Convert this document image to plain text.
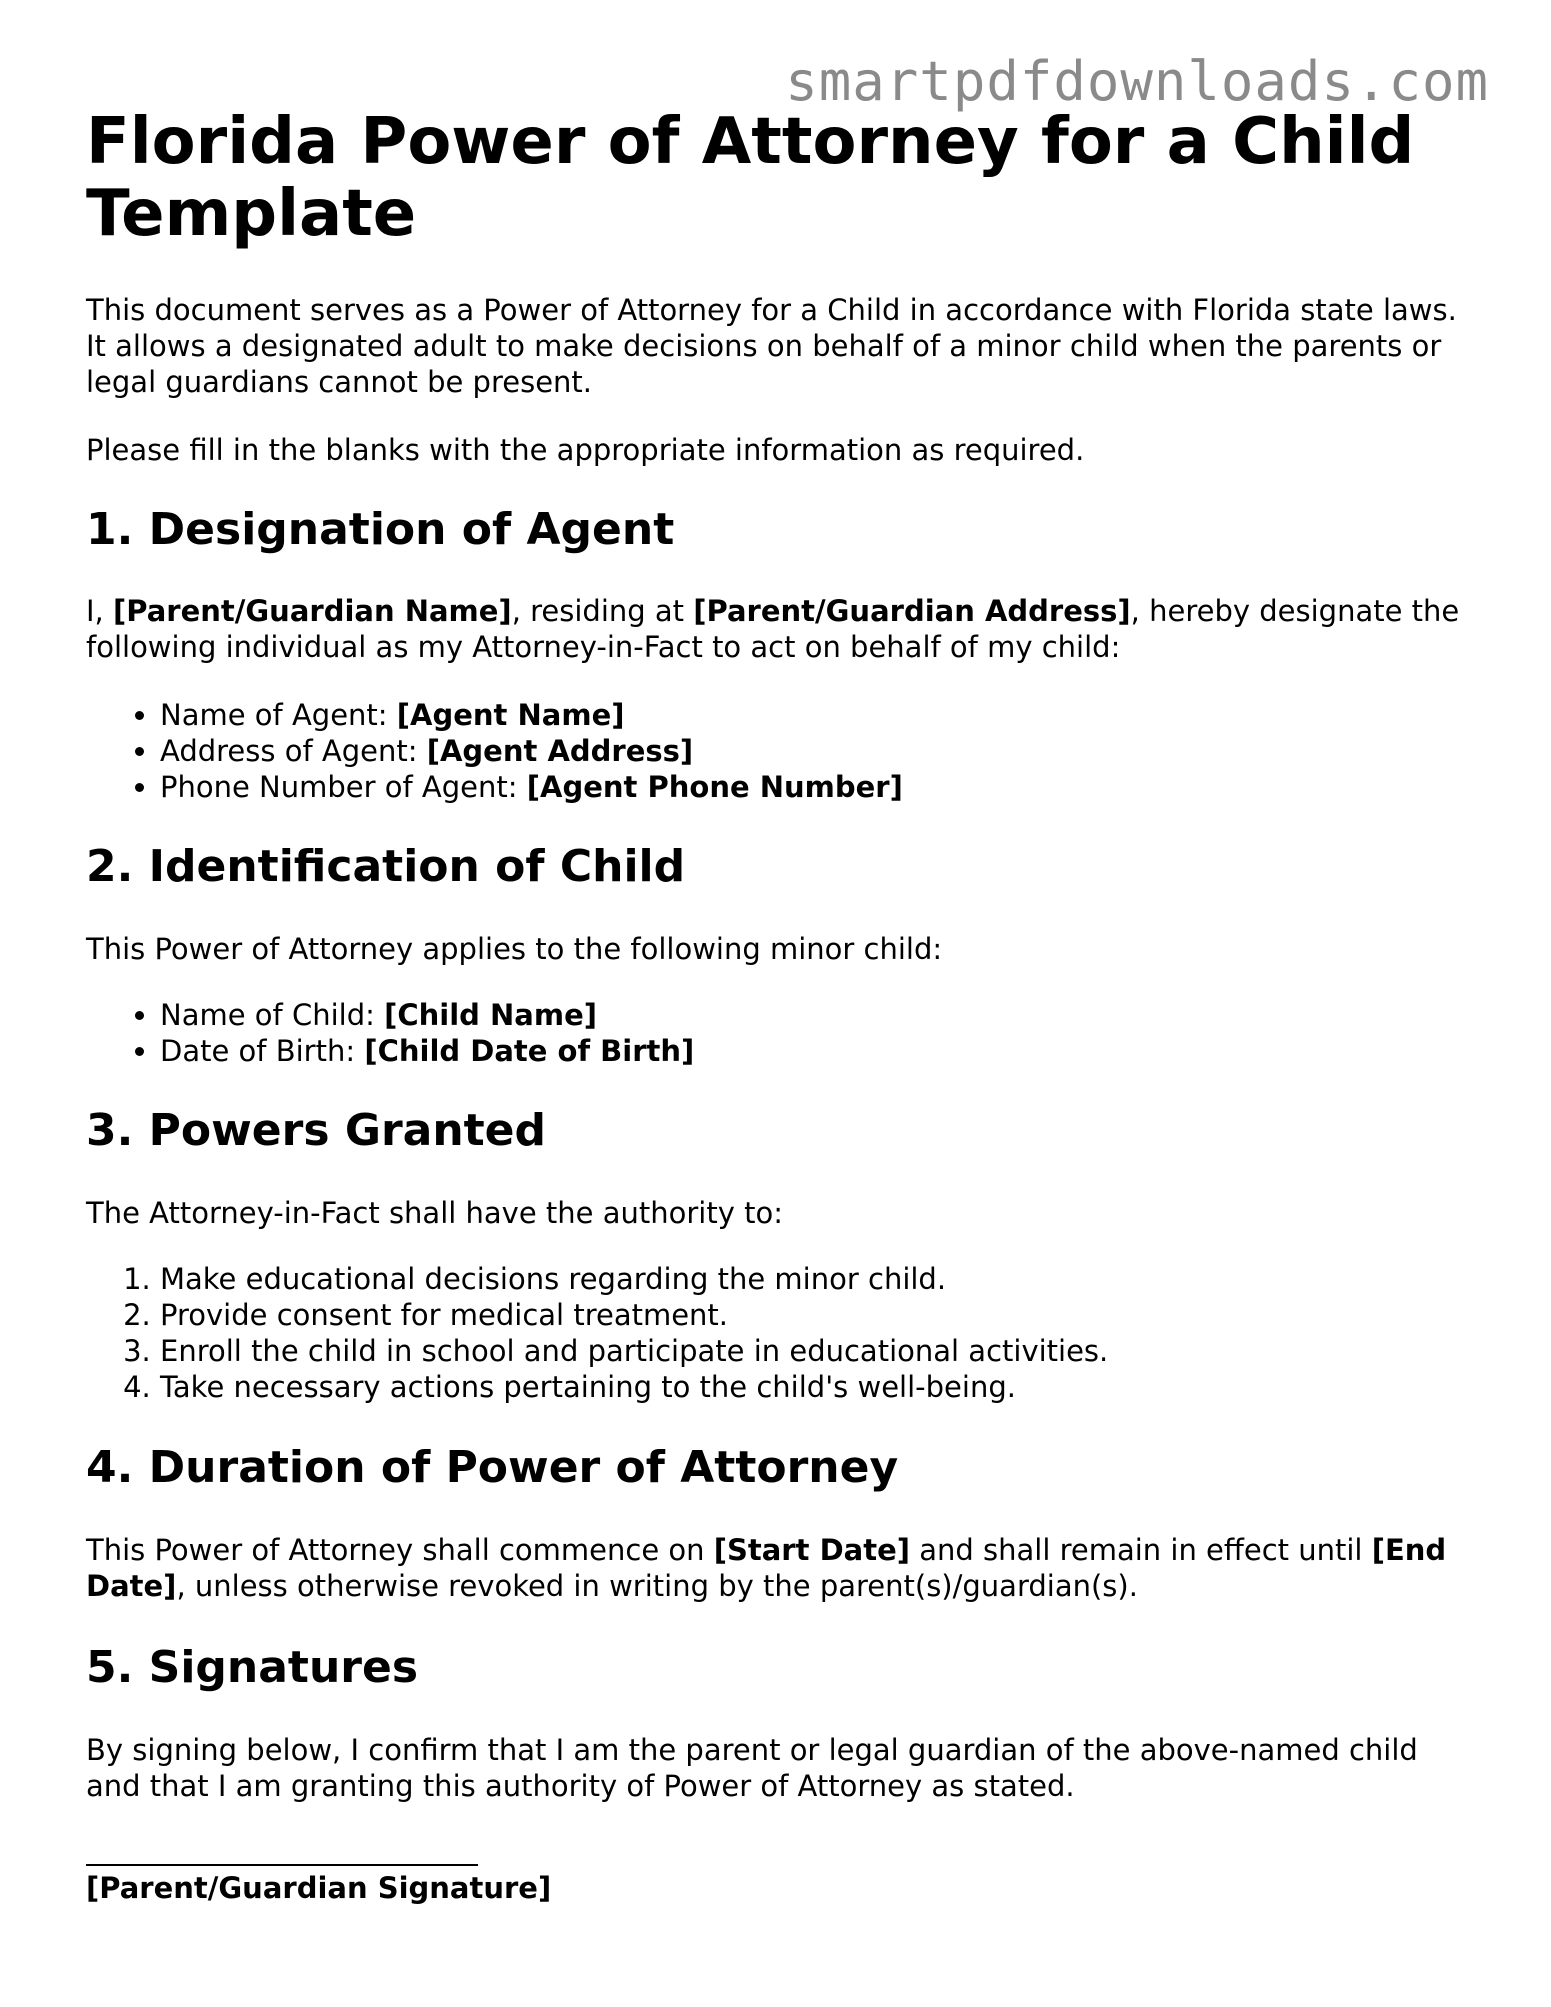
smartpdfdownloads.com
Florida Power of Attorney for a Child Template

This document serves as a Power of Attorney for a Child in accordance with Florida state laws. It allows a designated adult to make decisions on behalf of a minor child when the parents or legal guardians cannot be present.

Please fill in the blanks with the appropriate information as required.

1. Designation of Agent

I, [Parent/Guardian Name], residing at [Parent/Guardian Address], hereby designate the following individual as my Attorney-in-Fact to act on behalf of my child:

• Name of Agent: [Agent Name]
• Address of Agent: [Agent Address]
• Phone Number of Agent: [Agent Phone Number]
2. Identification of Child

This Power of Attorney applies to the following minor child:

• Name of Child: [Child Name]
• Date of Birth: [Child Date of Birth]
3. Powers Granted

The Attorney-in-Fact shall have the authority to:

1. Make educational decisions regarding the minor child.
2. Provide consent for medical treatment.
3. Enroll the child in school and participate in educational activities.
4. Take necessary actions pertaining to the child's well-being.
4. Duration of Power of Attorney

This Power of Attorney shall commence on [Start Date] and shall remain in effect until [End Date], unless otherwise revoked in writing by the parent(s)/guardian(s).

5. Signatures

By signing below, I confirm that I am the parent or legal guardian of the above-named child and that I am granting this authority of Power of Attorney as stated.

[Parent/Guardian Signature]
